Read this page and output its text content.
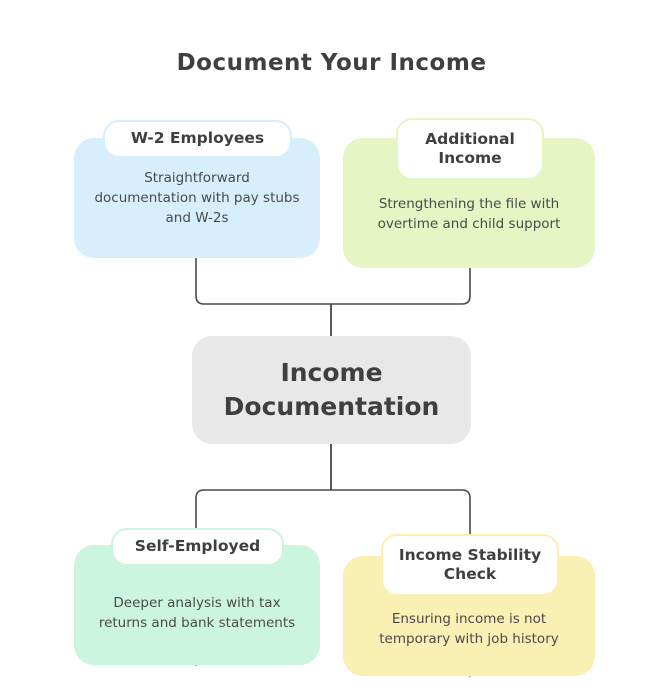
Document Your Income
Straightforward documentation with pay stubs and W-2s
W-2 Employees
Strengthening the file with overtime and child support
Additional Income
Income
Documentation
Deeper analysis with tax returns and bank statements
Self-Employed
Ensuring income is not temporary with job history
Income Stability Check
